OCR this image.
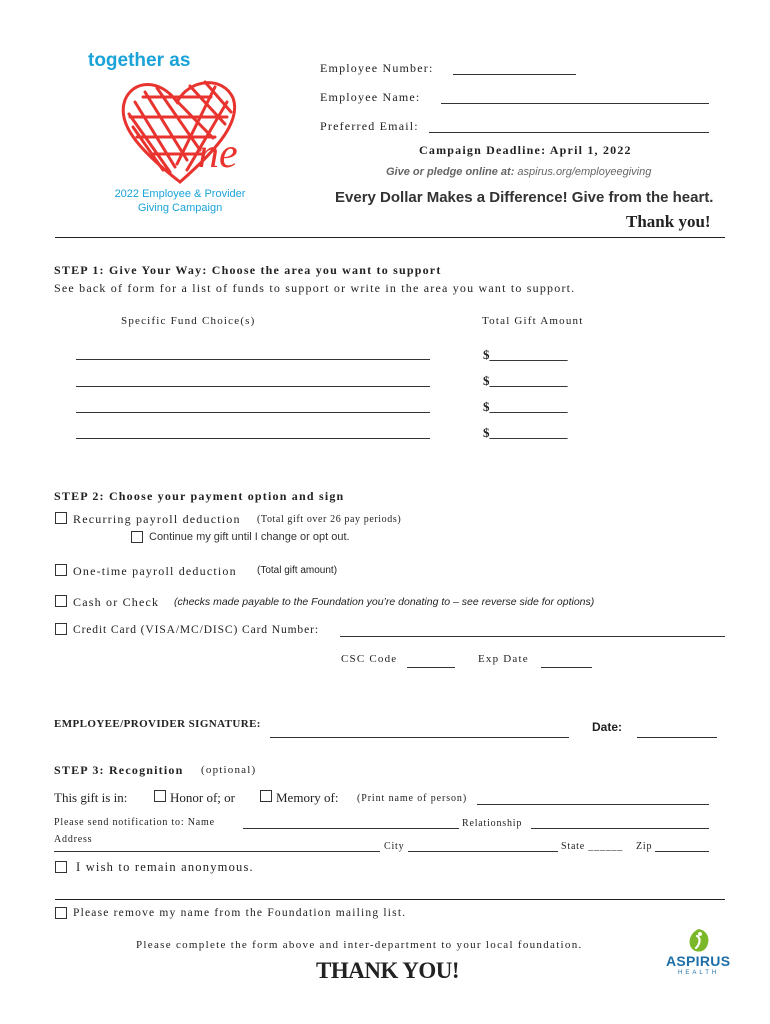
together as
ne
2022 Employee & Provider
Giving Campaign
Employee Number:
Employee Name:
Preferred Email:
Campaign Deadline: April 1, 2022
Give or pledge online at: aspirus.org/employeegiving
Every Dollar Makes a Difference! Give from the heart.
Thank you!
STEP 1: Give Your Way: Choose the area you want to support
See back of form for a list of funds to support or write in the area you want to support.
Specific Fund Choice(s)	Total Gift Amount
$____________
$____________
$____________
$____________
STEP 2: Choose your payment option and sign
Recurring payroll deduction (Total gift over 26 pay periods)
Continue my gift until I change or opt out.
One-time payroll deduction (Total gift amount)
Cash or Check (checks made payable to the Foundation you’re donating to – see reverse side for options)
Credit Card (VISA/MC/DISC) Card Number:
CSC Code	Exp Date
EMPLOYEE/PROVIDER SIGNATURE:	Date:
STEP 3: Recognition (optional)
This gift is in:	Honor of; or	Memory of: (Print name of person)
Please send notification to: Name	Relationship
Address
City	State ______ Zip
I wish to remain anonymous.
Please remove my name from the Foundation mailing list.
Please complete the form above and inter-department to your local foundation.
THANK YOU!	ASPIRUS
HEALTH
